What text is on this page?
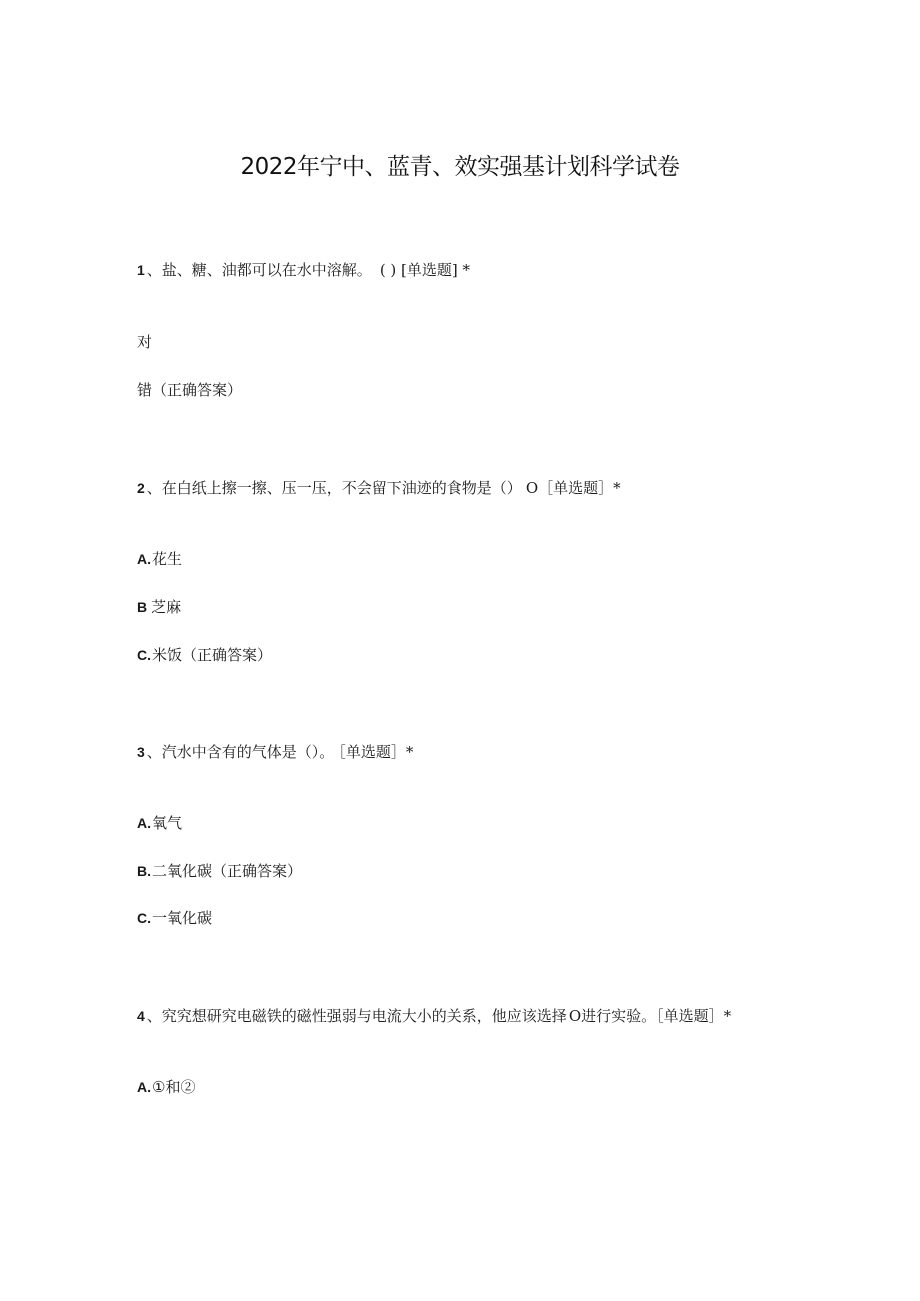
2022年宁中、蓝青、效实强基计划科学试卷
1 、盐、糖、油都可以在水中溶解。 ( ) [单选题] *
对
错（正确答案）
2 、在白纸上擦一擦、压一压，不会留下油迹的食物是（） O［单选题］*
A.花生
B 芝麻
C.米饭（正确答案）
3 、汽水中含有的气体是（）。 ［单选题］*
A.氧气
B.二氧化碳（正确答案）
C.一氧化碳
4 、究究想研究电磁铁的磁性强弱与电流大小的关系，他应该选择 O进行实验。［单选题］*
A.①和②
